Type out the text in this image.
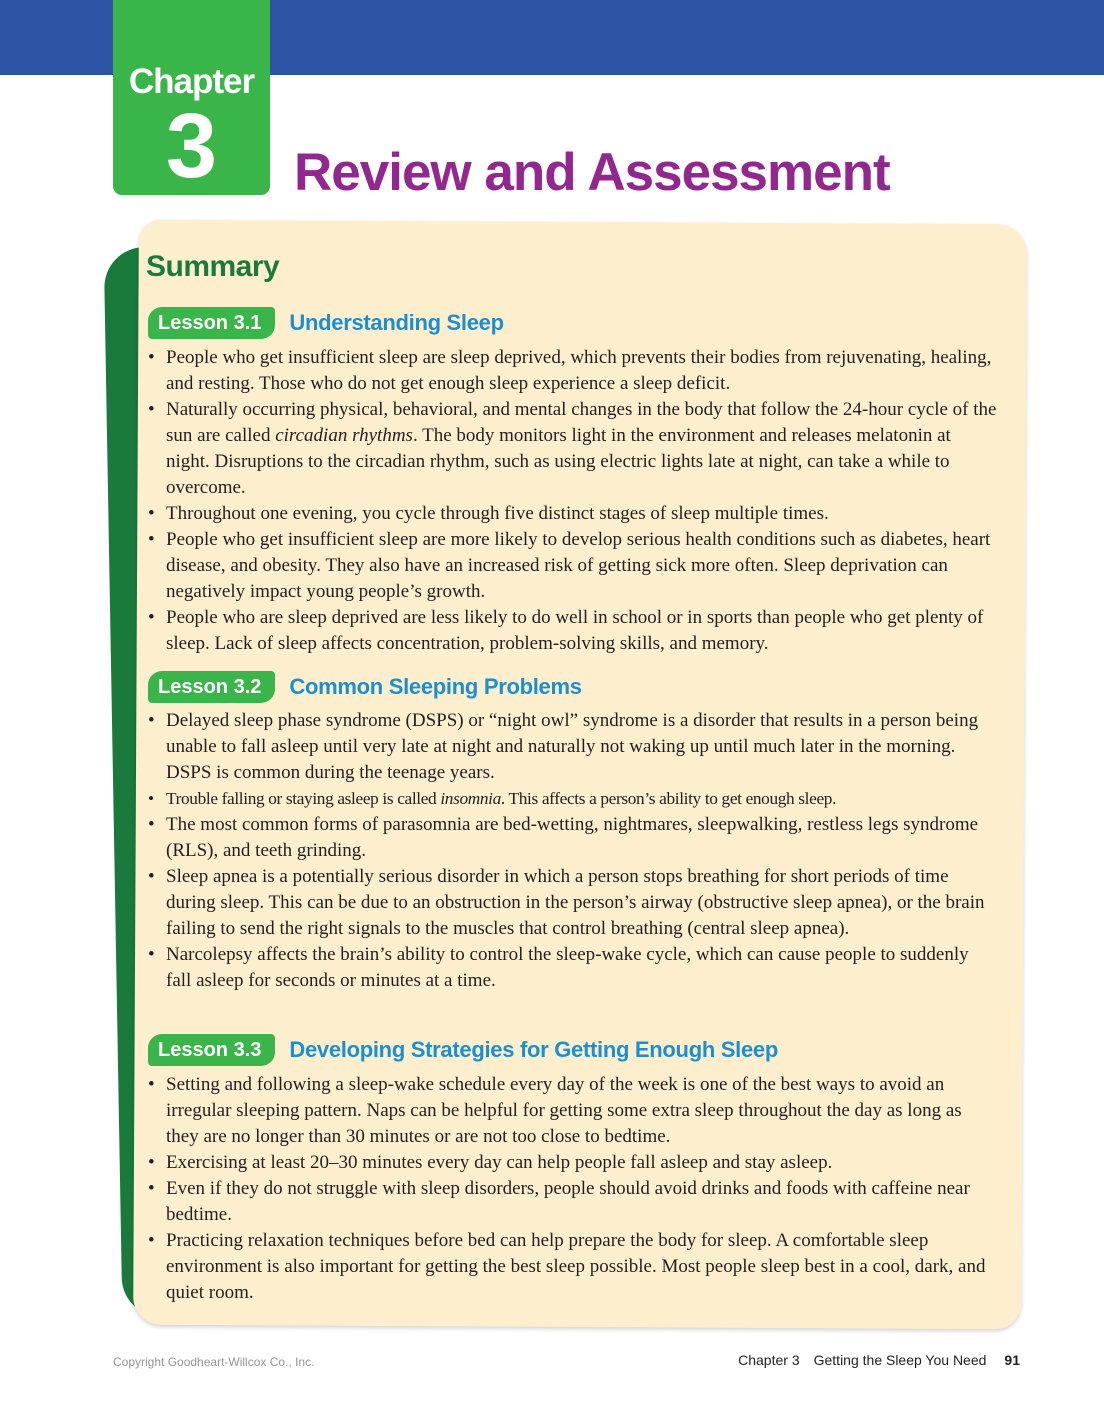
Chapter
3	Review and Assessment
Summary
Lesson 3.1 Understanding Sleep
• People who get insufficient sleep are sleep deprived, which prevents their bodies from rejuvenating, healing, and resting. Those who do not get enough sleep experience a sleep deficit.
• Naturally occurring physical, behavioral, and mental changes in the body that follow the 24-hour cycle of the sun are called circadian rhythms. The body monitors light in the environment and releases melatonin at night. Disruptions to the circadian rhythm, such as using electric lights late at night, can take a while to overcome.
• Throughout one evening, you cycle through five distinct stages of sleep multiple times.
• People who get insufficient sleep are more likely to develop serious health conditions such as diabetes, heart disease, and obesity. They also have an increased risk of getting sick more often. Sleep deprivation can negatively impact young people’s growth.
• People who are sleep deprived are less likely to do well in school or in sports than people who get plenty of sleep. Lack of sleep affects concentration, problem-solving skills, and memory.
Lesson 3.2 Common Sleeping Problems
• Delayed sleep phase syndrome (DSPS) or “night owl” syndrome is a disorder that results in a person being unable to fall asleep until very late at night and naturally not waking up until much later in the morning. DSPS is common during the teenage years.
• Trouble falling or staying asleep is called insomnia. This affects a person’s ability to get enough sleep.
• The most common forms of parasomnia are bed-wetting, nightmares, sleepwalking, restless legs syndrome (RLS), and teeth grinding.
• Sleep apnea is a potentially serious disorder in which a person stops breathing for short periods of time during sleep. This can be due to an obstruction in the person’s airway (obstructive sleep apnea), or the brain failing to send the right signals to the muscles that control breathing (central sleep apnea).
• Narcolepsy affects the brain’s ability to control the sleep-wake cycle, which can cause people to suddenly fall asleep for seconds or minutes at a time.
Lesson 3.3 Developing Strategies for Getting Enough Sleep
• Setting and following a sleep-wake schedule every day of the week is one of the best ways to avoid an irregular sleeping pattern. Naps can be helpful for getting some extra sleep throughout the day as long as they are no longer than 30 minutes or are not too close to bedtime.
• Exercising at least 20–30 minutes every day can help people fall asleep and stay asleep.
• Even if they do not struggle with sleep disorders, people should avoid drinks and foods with caffeine near bedtime.
• Practicing relaxation techniques before bed can help prepare the body for sleep. A comfortable sleep environment is also important for getting the best sleep possible. Most people sleep best in a cool, dark, and quiet room.
Copyright Goodheart-Willcox Co., Inc.	Chapter 3 Getting the Sleep You Need 91
